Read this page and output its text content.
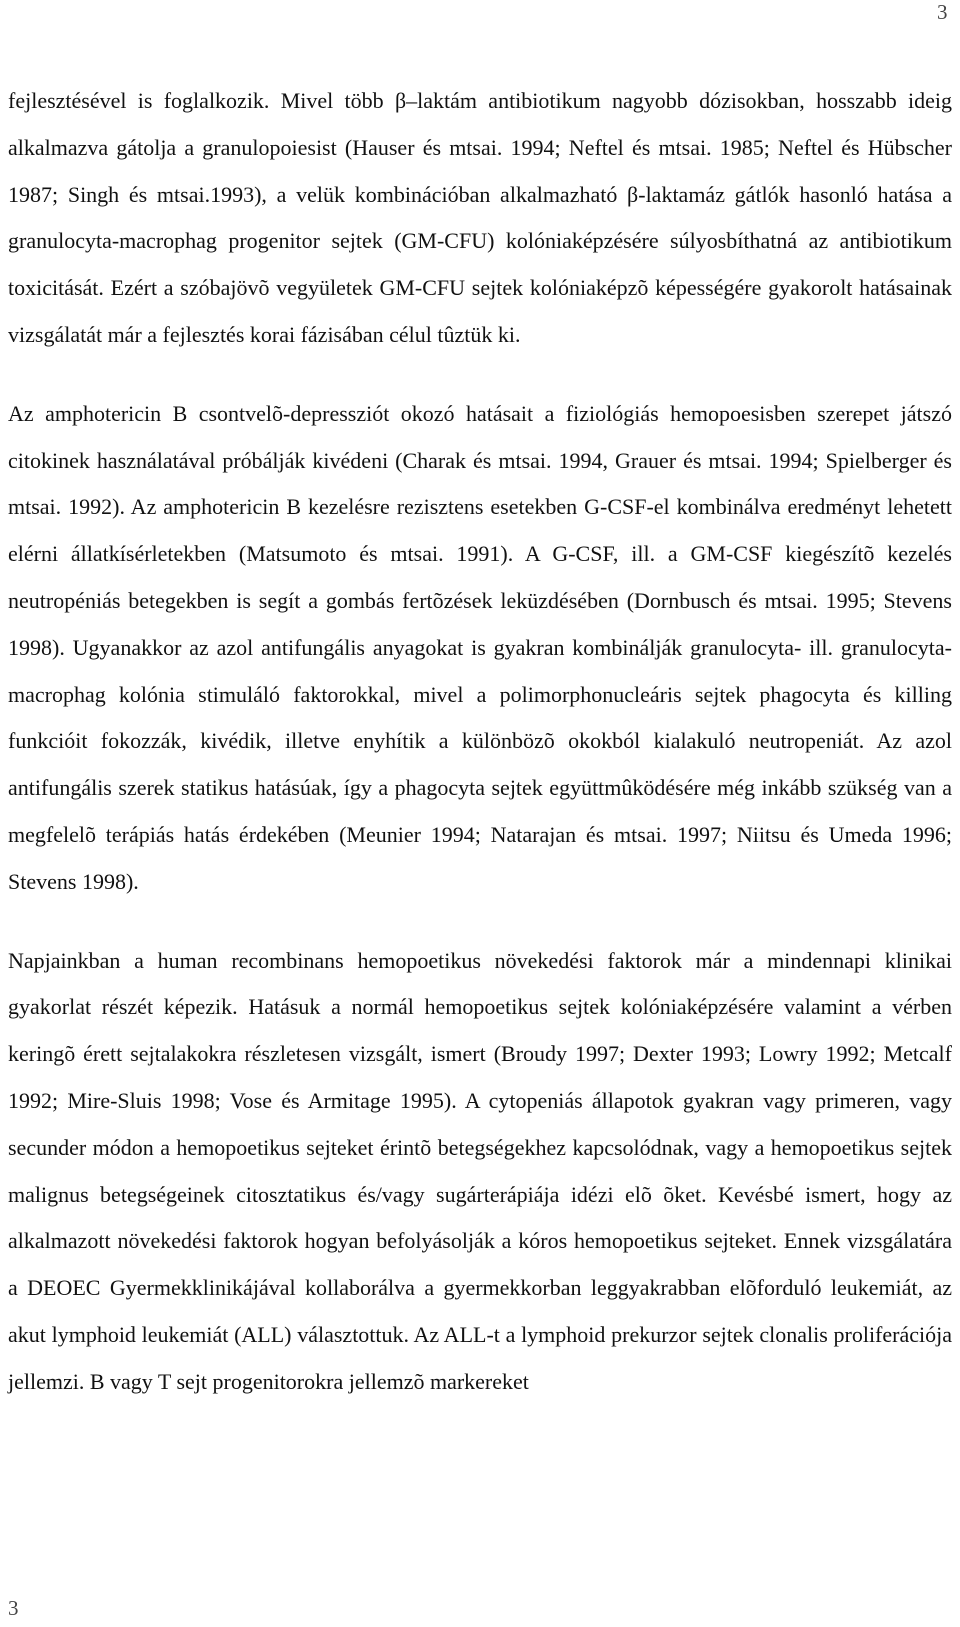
3

fejlesztésével is foglalkozik. Mivel több β–laktám antibiotikum nagyobb dózisokban, hosszabb ideig alkalmazva gátolja a granulopoiesist (Hauser és mtsai. 1994; Neftel és mtsai. 1985; Neftel és Hübscher 1987; Singh és mtsai.1993), a velük kombinációban alkalmazható β-laktamáz gátlók hasonló hatása a granulocyta-macrophag progenitor sejtek (GM-CFU) kolóniaképzésére súlyosbíthatná az antibiotikum toxicitását. Ezért a szóbajövõ vegyületek GM-CFU sejtek kolóniaképzõ képességére gyakorolt hatásainak vizsgálatát már a fejlesztés korai fázisában célul tûztük ki.

Az amphotericin B csontvelõ-depressziót okozó hatásait a fiziológiás hemopoesisben szerepet játszó citokinek használatával próbálják kivédeni (Charak és mtsai. 1994, Grauer és mtsai. 1994; Spielberger és mtsai. 1992). Az amphotericin B kezelésre rezisztens esetekben G-CSF-el kombinálva eredményt lehetett elérni állatkísérletekben (Matsumoto és mtsai. 1991). A G-CSF, ill. a GM-CSF kiegészítõ kezelés neutropéniás betegekben is segít a gombás fertõzések leküzdésében (Dornbusch és mtsai. 1995; Stevens 1998). Ugyanakkor az azol antifungális anyagokat is gyakran kombinálják granulocyta- ill. granulocyta-macrophag kolónia stimuláló faktorokkal, mivel a polimorphonucleáris sejtek phagocyta és killing funkcióit fokozzák, kivédik, illetve enyhítik a különbözõ okokból kialakuló neutropeniát. Az azol antifungális szerek statikus hatásúak, így a phagocyta sejtek együttmûködésére még inkább szükség van a megfelelõ terápiás hatás érdekében (Meunier 1994; Natarajan és mtsai. 1997; Niitsu és Umeda 1996; Stevens 1998).

Napjainkban a human recombinans hemopoetikus növekedési faktorok már a mindennapi klinikai gyakorlat részét képezik. Hatásuk a normál hemopoetikus sejtek kolóniaképzésére valamint a vérben keringõ érett sejtalakokra részletesen vizsgált, ismert (Broudy 1997; Dexter 1993; Lowry 1992; Metcalf 1992; Mire-Sluis 1998; Vose és Armitage 1995). A cytopeniás állapotok gyakran vagy primeren, vagy secunder módon a hemopoetikus sejteket érintõ betegségekhez kapcsolódnak, vagy a hemopoetikus sejtek malignus betegségeinek citosztatikus és/vagy sugárterápiája idézi elõ õket. Kevésbé ismert, hogy az alkalmazott növekedési faktorok hogyan befolyásolják a kóros hemopoetikus sejteket. Ennek vizsgálatára a DEOEC Gyermekklinikájával kollaborálva a gyermekkorban leggyakrabban elõforduló leukemiát, az akut lymphoid leukemiát (ALL) választottuk. Az ALL-t a lymphoid prekurzor sejtek clonalis proliferációja jellemzi. B vagy T sejt progenitorokra jellemzõ markereket

3
